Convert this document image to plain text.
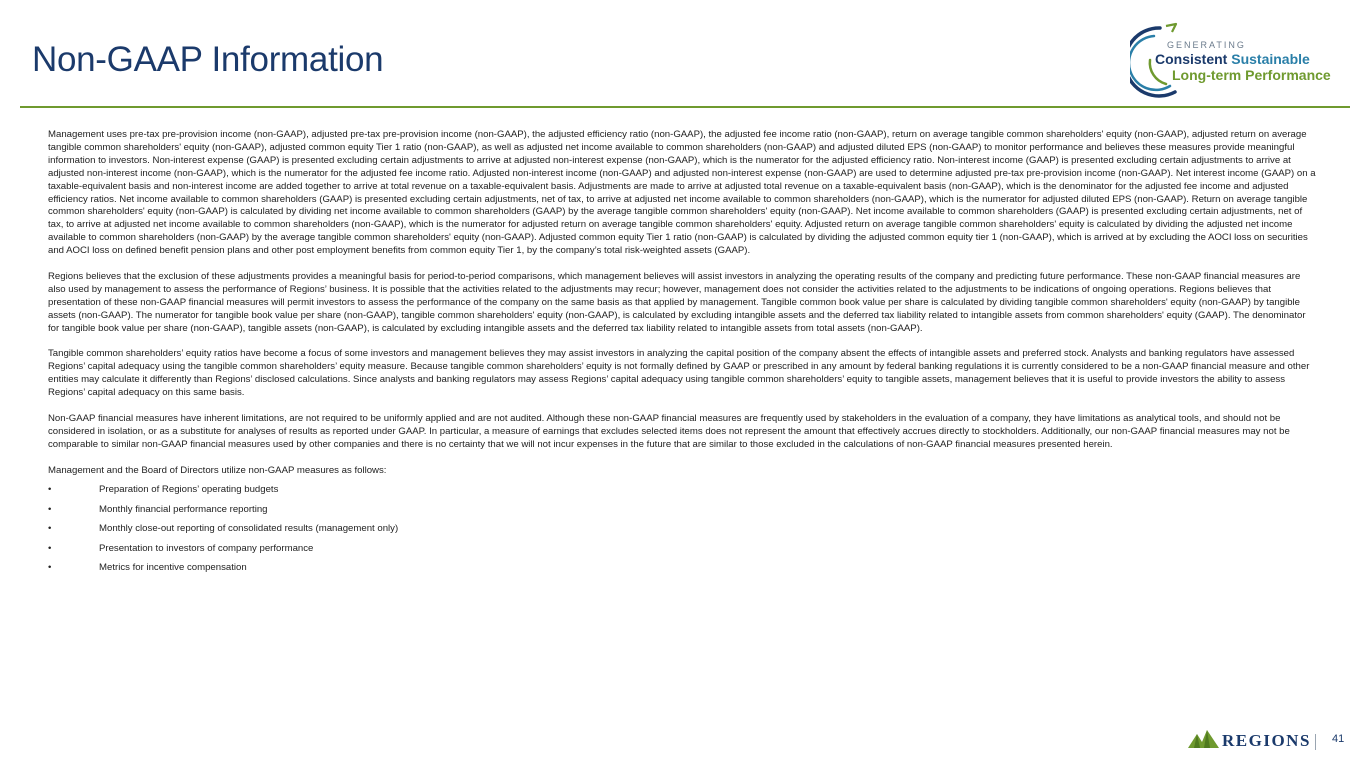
Non-GAAP Information	GENERATING
Consistent Sustainable
Long-term Performance

Management uses pre-tax pre-provision income (non-GAAP), adjusted pre-tax pre-provision income (non-GAAP), the adjusted efficiency ratio (non-GAAP), the adjusted fee income ratio (non-GAAP), return on average tangible common shareholders' equity (non-GAAP), adjusted return on average tangible common shareholders' equity (non-GAAP), adjusted common equity Tier 1 ratio (non-GAAP), as well as adjusted net income available to common shareholders (non-GAAP) and adjusted diluted EPS (non-GAAP) to monitor performance and believes these measures provide meaningful information to investors. Non-interest expense (GAAP) is presented excluding certain adjustments to arrive at adjusted non-interest expense (non-GAAP), which is the numerator for the adjusted efficiency ratio. Non-interest income (GAAP) is presented excluding certain adjustments to arrive at adjusted non-interest income (non-GAAP), which is the numerator for the adjusted fee income ratio. Adjusted non-interest income (non-GAAP) and adjusted non-interest expense (non-GAAP) are used to determine adjusted pre-tax pre-provision income (non-GAAP). Net interest income (GAAP) on a taxable-equivalent basis and non-interest income are added together to arrive at total revenue on a taxable-equivalent basis. Adjustments are made to arrive at adjusted total revenue on a taxable-equivalent basis (non-GAAP), which is the denominator for the adjusted fee income and adjusted efficiency ratios. Net income available to common shareholders (GAAP) is presented excluding certain adjustments, net of tax, to arrive at adjusted net income available to common shareholders (non-GAAP), which is the numerator for adjusted diluted EPS (non-GAAP). Return on average tangible common shareholders' equity (non-GAAP) is calculated by dividing net income available to common shareholders (GAAP) by the average tangible common shareholders' equity (non-GAAP). Net income available to common shareholders (GAAP) is presented excluding certain adjustments, net of tax, to arrive at adjusted net income available to common shareholders (non-GAAP), which is the numerator for adjusted return on average tangible common shareholders' equity. Adjusted return on average tangible common shareholders' equity is calculated by dividing the adjusted net income available to common shareholders (non-GAAP) by the average tangible common shareholders' equity (non-GAAP). Adjusted common equity Tier 1 ratio (non-GAAP) is calculated by dividing the adjusted common equity tier 1 (non-GAAP), which is arrived at by excluding the AOCI loss on securities and AOCI loss on defined benefit pension plans and other post employment benefits from common equity Tier 1, by the company’s total risk-weighted assets (GAAP).

Regions believes that the exclusion of these adjustments provides a meaningful basis for period-to-period comparisons, which management believes will assist investors in analyzing the operating results of the company and predicting future performance. These non-GAAP financial measures are also used by management to assess the performance of Regions’ business. It is possible that the activities related to the adjustments may recur; however, management does not consider the activities related to the adjustments to be indications of ongoing operations. Regions believes that presentation of these non-GAAP financial measures will permit investors to assess the performance of the company on the same basis as that applied by management. Tangible common book value per share is calculated by dividing tangible common shareholders' equity (non-GAAP) by tangible assets (non-GAAP). The numerator for tangible book value per share (non-GAAP), tangible common shareholders' equity (non-GAAP), is calculated by excluding intangible assets and the deferred tax liability related to intangible assets from common shareholders' equity (GAAP). The denominator for tangible book value per share (non-GAAP), tangible assets (non-GAAP), is calculated by excluding intangible assets and the deferred tax liability related to intangible assets from total assets (non-GAAP).

Tangible common shareholders’ equity ratios have become a focus of some investors and management believes they may assist investors in analyzing the capital position of the company absent the effects of intangible assets and preferred stock. Analysts and banking regulators have assessed Regions’ capital adequacy using the tangible common shareholders’ equity measure. Because tangible common shareholders’ equity is not formally defined by GAAP or prescribed in any amount by federal banking regulations it is currently considered to be a non-GAAP financial measure and other entities may calculate it differently than Regions’ disclosed calculations. Since analysts and banking regulators may assess Regions’ capital adequacy using tangible common shareholders’ equity to tangible assets, management believes that it is useful to provide investors the ability to assess Regions’ capital adequacy on this same basis.

Non-GAAP financial measures have inherent limitations, are not required to be uniformly applied and are not audited. Although these non-GAAP financial measures are frequently used by stakeholders in the evaluation of a company, they have limitations as analytical tools, and should not be considered in isolation, or as a substitute for analyses of results as reported under GAAP. In particular, a measure of earnings that excludes selected items does not represent the amount that effectively accrues directly to stockholders. Additionally, our non-GAAP financial measures may not be comparable to similar non-GAAP financial measures used by other companies and there is no certainty that we will not incur expenses in the future that are similar to those excluded in the calculations of non-GAAP financial measures presented herein.

Management and the Board of Directors utilize non-GAAP measures as follows:

•	Preparation of Regions’ operating budgets
•	Monthly financial performance reporting
•	Monthly close-out reporting of consolidated results (management only)
•	Presentation to investors of company performance
•	Metrics for incentive compensation
REGIONS 41
